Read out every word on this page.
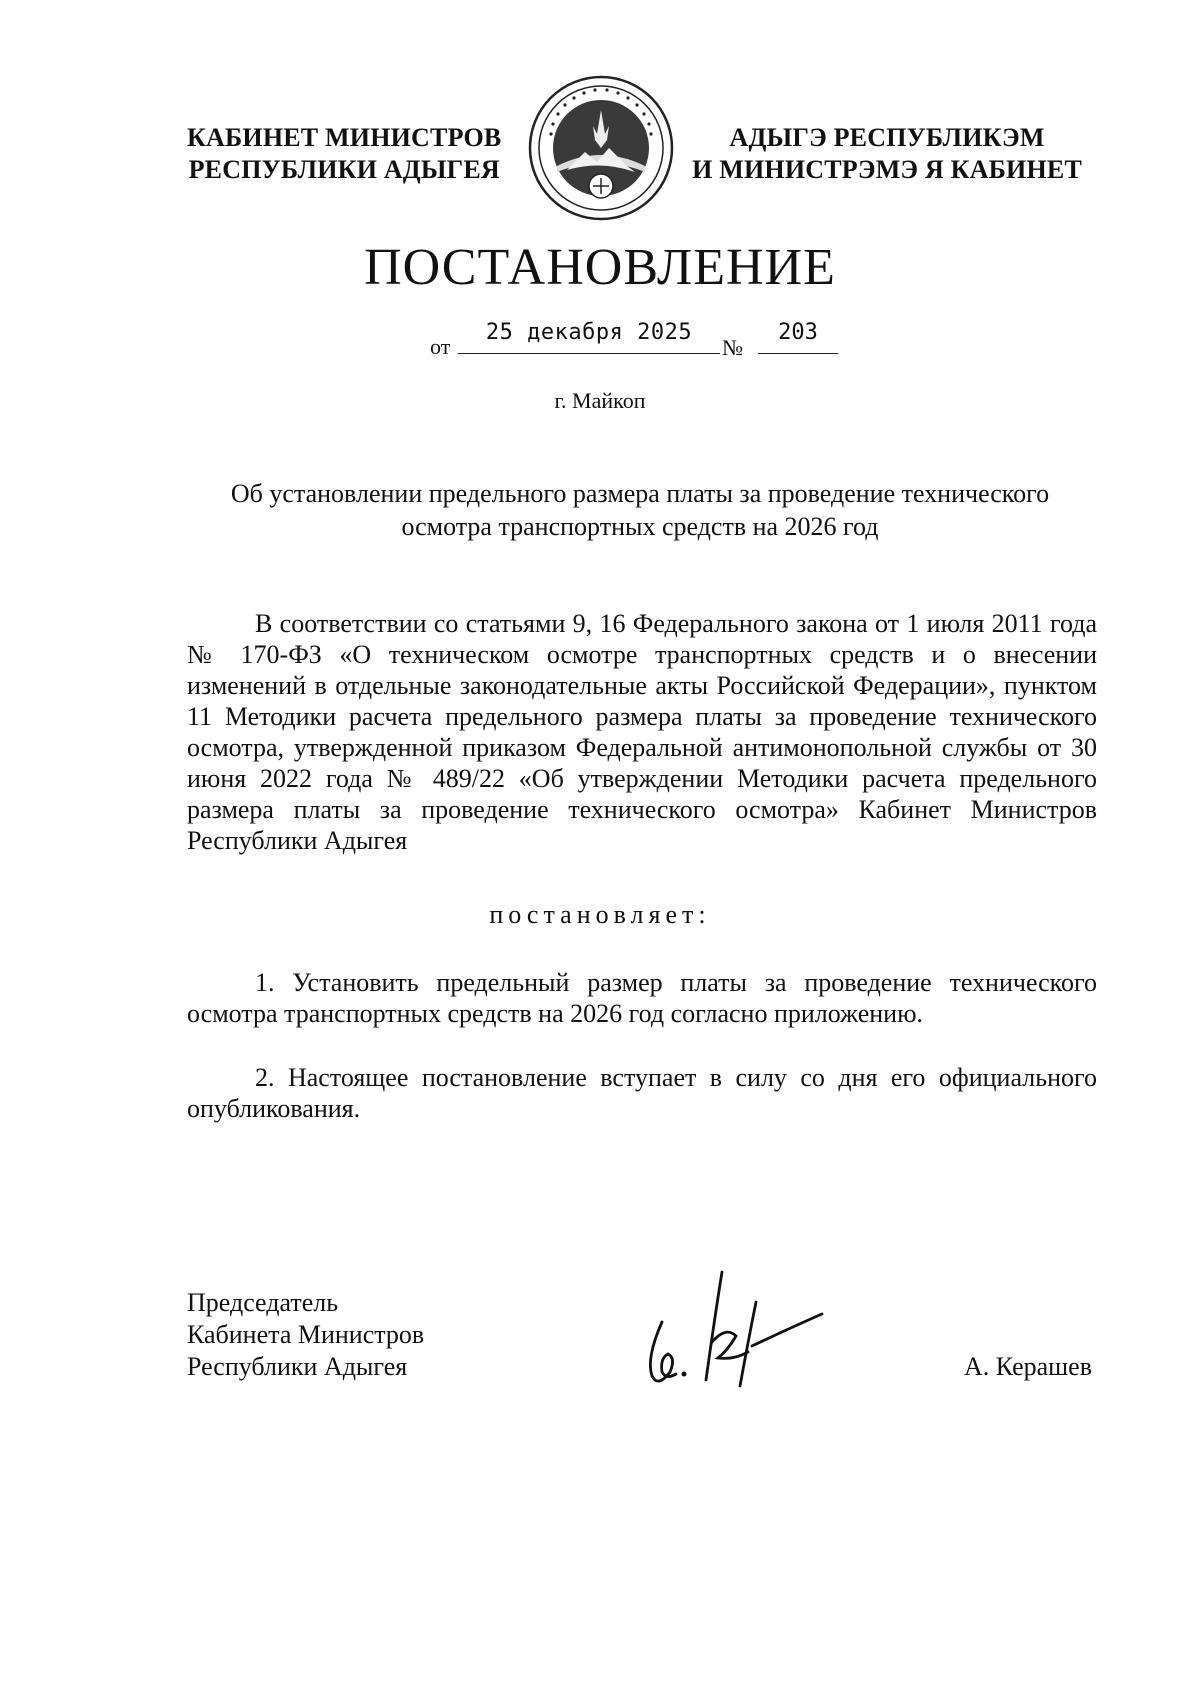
КАБИНЕТ МИНИСТРОВ
РЕСПУБЛИКИ АДЫГЕЯ
АДЫГЭ РЕСПУБЛИКЭМ
И МИНИСТРЭМЭ Я КАБИНЕТ
ПОСТАНОВЛЕНИЕ
от
25 декабря 2025
№
203
г. Майкоп
Об установлении предельного размера платы за проведение технического
осмотра транспортных средств на 2026 год
В соответствии со статьями 9, 16 Федерального закона от 1 июля 2011 года № 170-ФЗ «О техническом осмотре транспортных средств и о внесении изменений в отдельные законодательные акты Российской Федерации», пунктом 11 Методики расчета предельного размера платы за проведение технического осмотра, утвержденной приказом Федеральной антимонопольной службы от 30 июня 2022 года № 489/22 «Об утверждении Методики расчета предельного размера платы за проведение технического осмотра» Кабинет Министров Республики Адыгея
постановляет:
1. Установить предельный размер платы за проведение технического осмотра транспортных средств на 2026 год согласно приложению.
2. Настоящее постановление вступает в силу со дня его официального опубликования.
Председатель
Кабинета Министров
Республики Адыгея	А. Керашев
